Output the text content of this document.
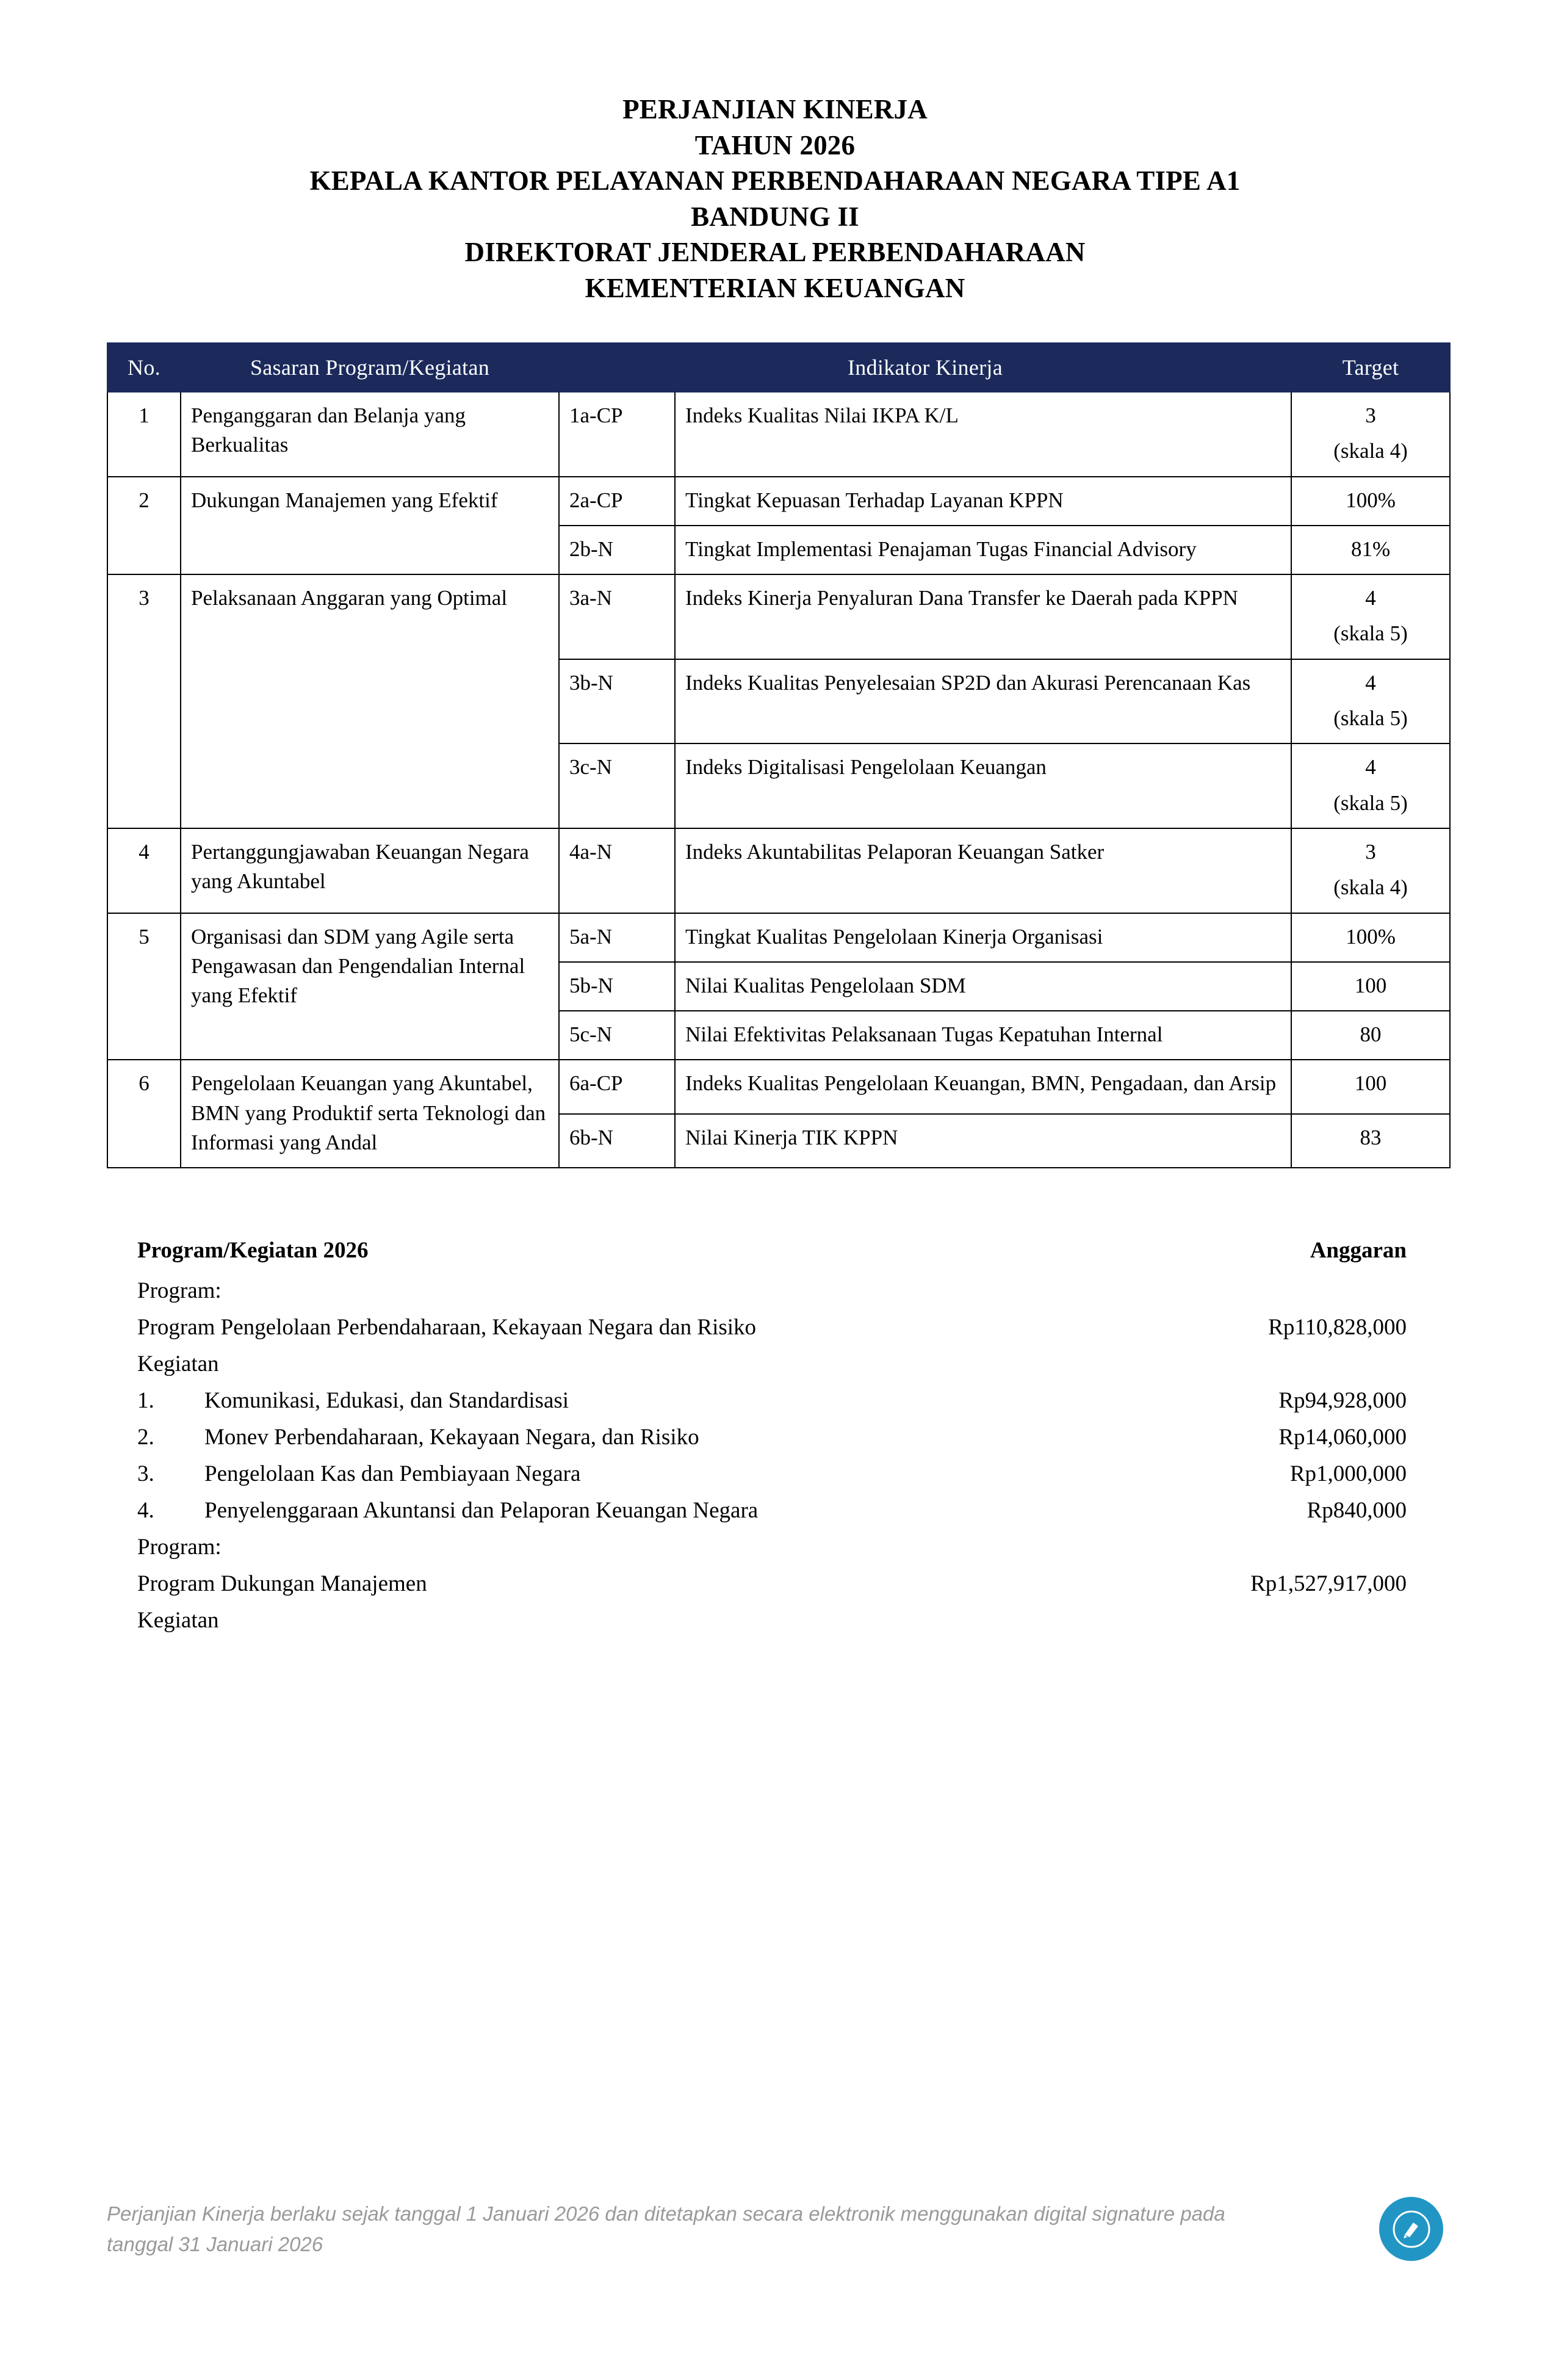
PERJANJIAN KINERJA
TAHUN 2026
KEPALA KANTOR PELAYANAN PERBENDAHARAAN NEGARA TIPE A1
BANDUNG II
DIREKTORAT JENDERAL PERBENDAHARAAN
KEMENTERIAN KEUANGAN
No.	Sasaran Program/Kegiatan	Indikator Kinerja		Target
1	Penganggaran dan Belanja yang Berkualitas	1a-CP	Indeks Kualitas Nilai IKPA K/L	3
(skala 4)

2	Dukungan Manajemen yang Efektif	2a-CP	Tingkat Kepuasan Terhadap Layanan KPPN	100%
		2b-N	Tingkat Implementasi Penajaman Tugas Financial Advisory	81%
3	Pelaksanaan Anggaran yang Optimal	3a-N	Indeks Kinerja Penyaluran Dana Transfer ke Daerah pada KPPN	4
(skala 5)

		3b-N	Indeks Kualitas Penyelesaian SP2D dan Akurasi Perencanaan Kas	4
(skala 5)

		3c-N	Indeks Digitalisasi Pengelolaan Keuangan	4
(skala 5)

4	Pertanggungjawaban Keuangan Negara yang Akuntabel	4a-N	Indeks Akuntabilitas Pelaporan Keuangan Satker	3
(skala 4)

5	Organisasi dan SDM yang Agile serta Pengawasan dan Pengendalian Internal yang Efektif	5a-N	Tingkat Kualitas Pengelolaan Kinerja Organisasi	100%
		5b-N	Nilai Kualitas Pengelolaan SDM	100
		5c-N	Nilai Efektivitas Pelaksanaan Tugas Kepatuhan Internal	80
6	Pengelolaan Keuangan yang Akuntabel, BMN yang Produktif serta Teknologi dan Informasi yang Andal	6a-CP	Indeks Kualitas Pengelolaan Keuangan, BMN, Pengadaan, dan Arsip	100
		6b-N	Nilai Kinerja TIK KPPN	83
Program/Kegiatan 2026	Anggaran
Program:
Program Pengelolaan Perbendaharaan, Kekayaan Negara dan Risiko	Rp110,828,000
Kegiatan
1.	Komunikasi, Edukasi, dan Standardisasi	Rp94,928,000
2.	Monev Perbendaharaan, Kekayaan Negara, dan Risiko	Rp14,060,000
3.	Pengelolaan Kas dan Pembiayaan Negara	Rp1,000,000
4.	Penyelenggaraan Akuntansi dan Pelaporan Keuangan Negara	Rp840,000
Program:
Program Dukungan Manajemen	Rp1,527,917,000
Kegiatan
Perjanjian Kinerja berlaku sejak tanggal 1 Januari 2026 dan ditetapkan secara elektronik menggunakan digital signature pada tanggal 31 Januari 2026
